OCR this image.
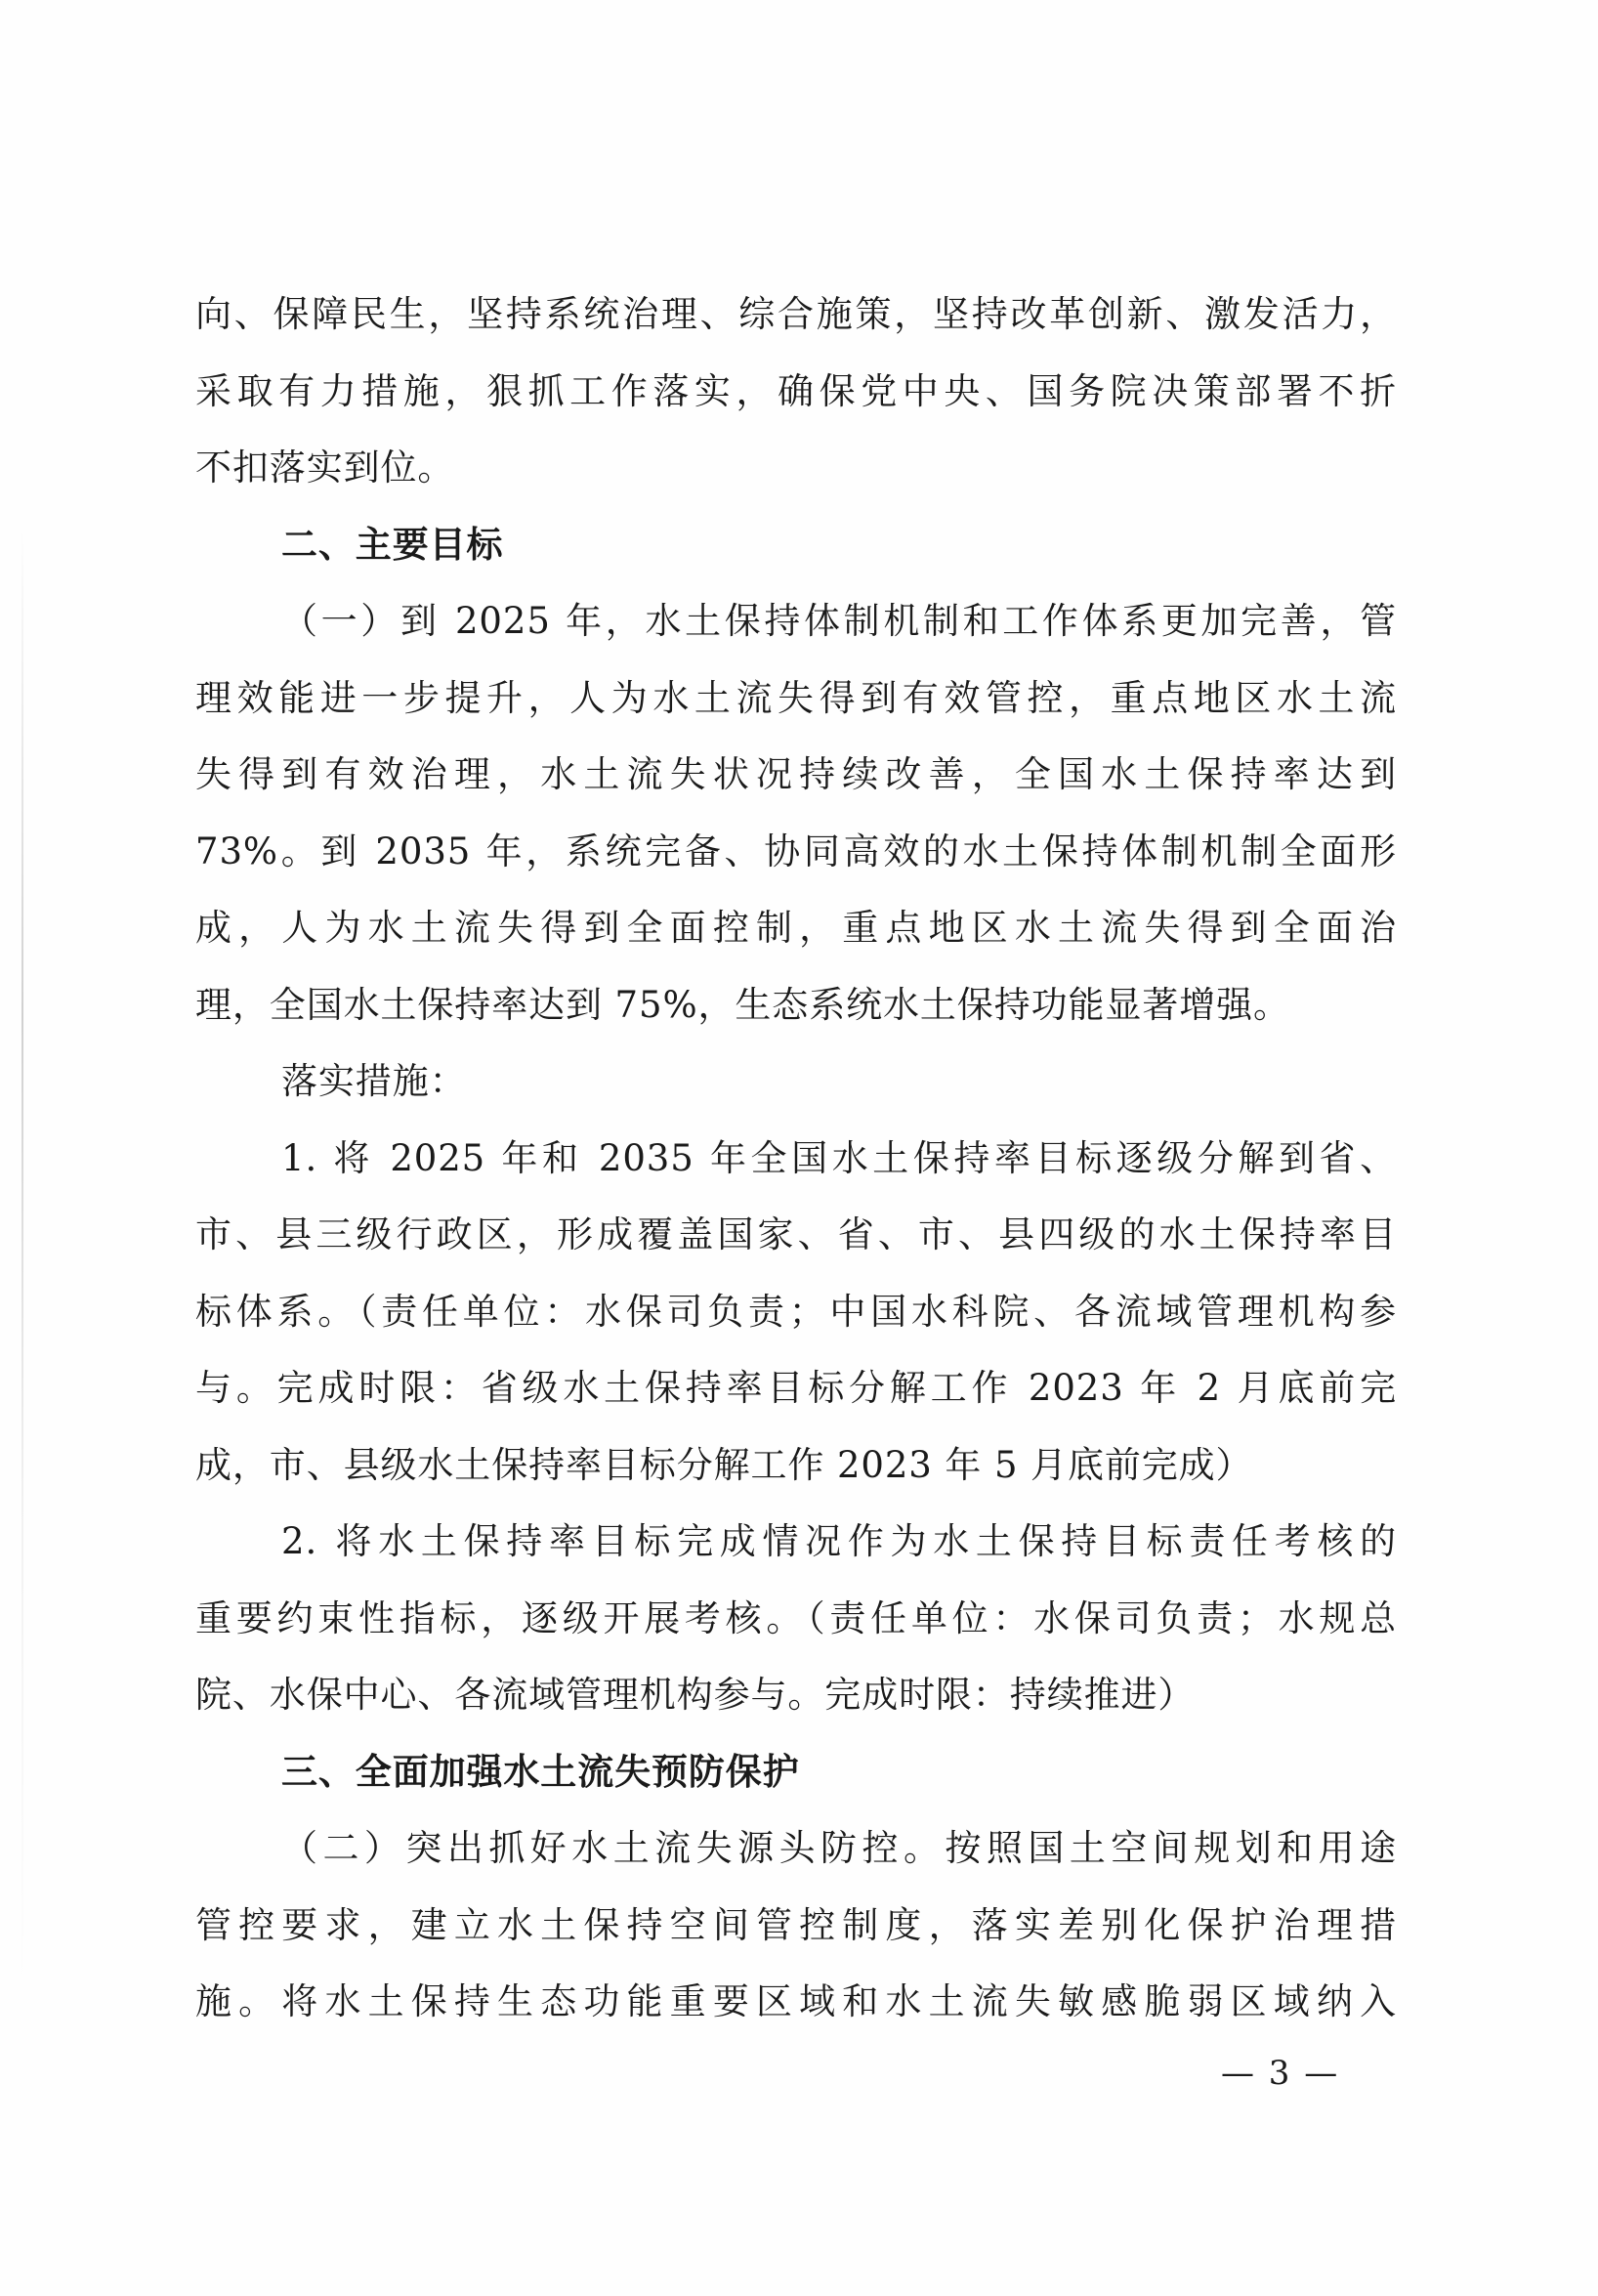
向、保障民生，坚持系统治理、综合施策，坚持改革创新、激发活力，
采取有力措施，狠抓工作落实，确保党中央、国务院决策部署不折
不扣落实到位。
二、主要目标
（一）到 2025 年，水土保持体制机制和工作体系更加完善，管
理效能进一步提升，人为水土流失得到有效管控，重点地区水土流
失得到有效治理，水土流失状况持续改善，全国水土保持率达到
73%。到 2035 年，系统完备、协同高效的水土保持体制机制全面形
成，人为水土流失得到全面控制，重点地区水土流失得到全面治
理，全国水土保持率达到 75%，生态系统水土保持功能显著增强。
落实措施：
1. 将 2025 年和 2035 年全国水土保持率目标逐级分解到省、
市、县三级行政区，形成覆盖国家、省、市、县四级的水土保持率目
标体系。（责任单位：水保司负责；中国水科院、各流域管理机构参
与。完成时限：省级水土保持率目标分解工作 2023 年 2 月底前完
成，市、县级水土保持率目标分解工作 2023 年 5 月底前完成）
2. 将水土保持率目标完成情况作为水土保持目标责任考核的
重要约束性指标，逐级开展考核。（责任单位：水保司负责；水规总
院、水保中心、各流域管理机构参与。完成时限：持续推进）
三、全面加强水土流失预防保护
（二）突出抓好水土流失源头防控。按照国土空间规划和用途
管控要求，建立水土保持空间管控制度，落实差别化保护治理措
施。将水土保持生态功能重要区域和水土流失敏感脆弱区域纳入
— 3 —
